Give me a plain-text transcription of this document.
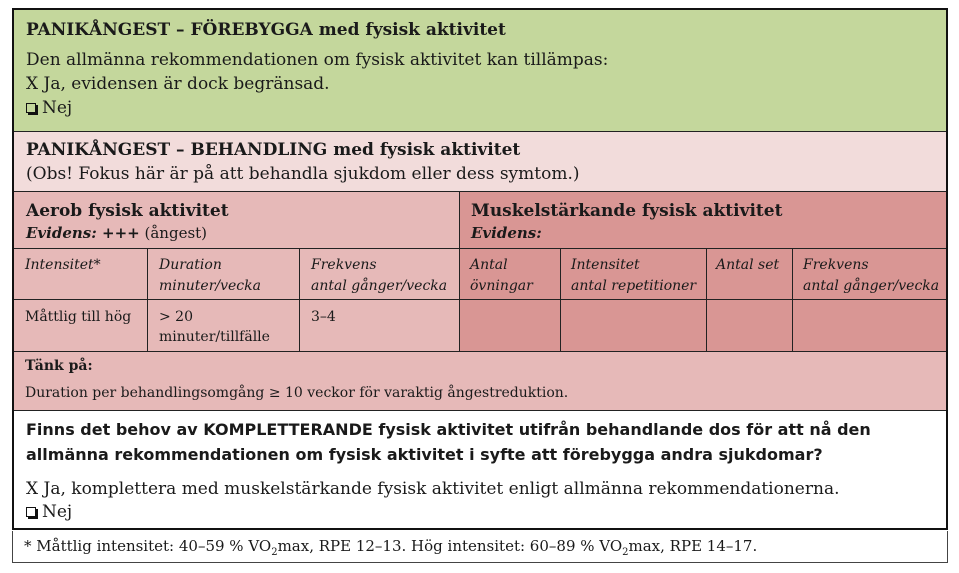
PANIKÅNGEST – FÖREBYGGA med fysisk aktivitet
Den allmänna rekommendationen om fysisk aktivitet kan tillämpas:
X Ja, evidensen är dock begränsad.
Nej
PANIKÅNGEST – BEHANDLING med fysisk aktivitet
(Obs! Fokus här är på att behandla sjukdom eller dess symtom.)
Aerob fysisk aktivitet
Evidens: +++ (ångest)
Muskelstärkande fysisk aktivitet
Evidens:
Intensitet*	Duration
minuter/vecka
Frekvens
antal gånger/vecka
Antal
övningar
Intensitet
antal repetitioner
Antal set Frekvens
antal gånger/vecka
Måttlig till hög > 20
minuter/tillfälle
3–4
Tänk på:
Duration per behandlingsomgång ≥ 10 veckor för varaktig ångestreduktion.
Finns det behov av KOMPLETTERANDE fysisk aktivitet utifrån behandlande dos för att nå den
allmänna rekommendationen om fysisk aktivitet i syfte att förebygga andra sjukdomar?
X Ja, komplettera med muskelstärkande fysisk aktivitet enligt allmänna rekommendationerna.
Nej
* Måttlig intensitet: 40–59 % $VO_2\max$, RPE 12–13. Hög intensitet: 60–89 % $VO_2\max$, RPE 14–17.
